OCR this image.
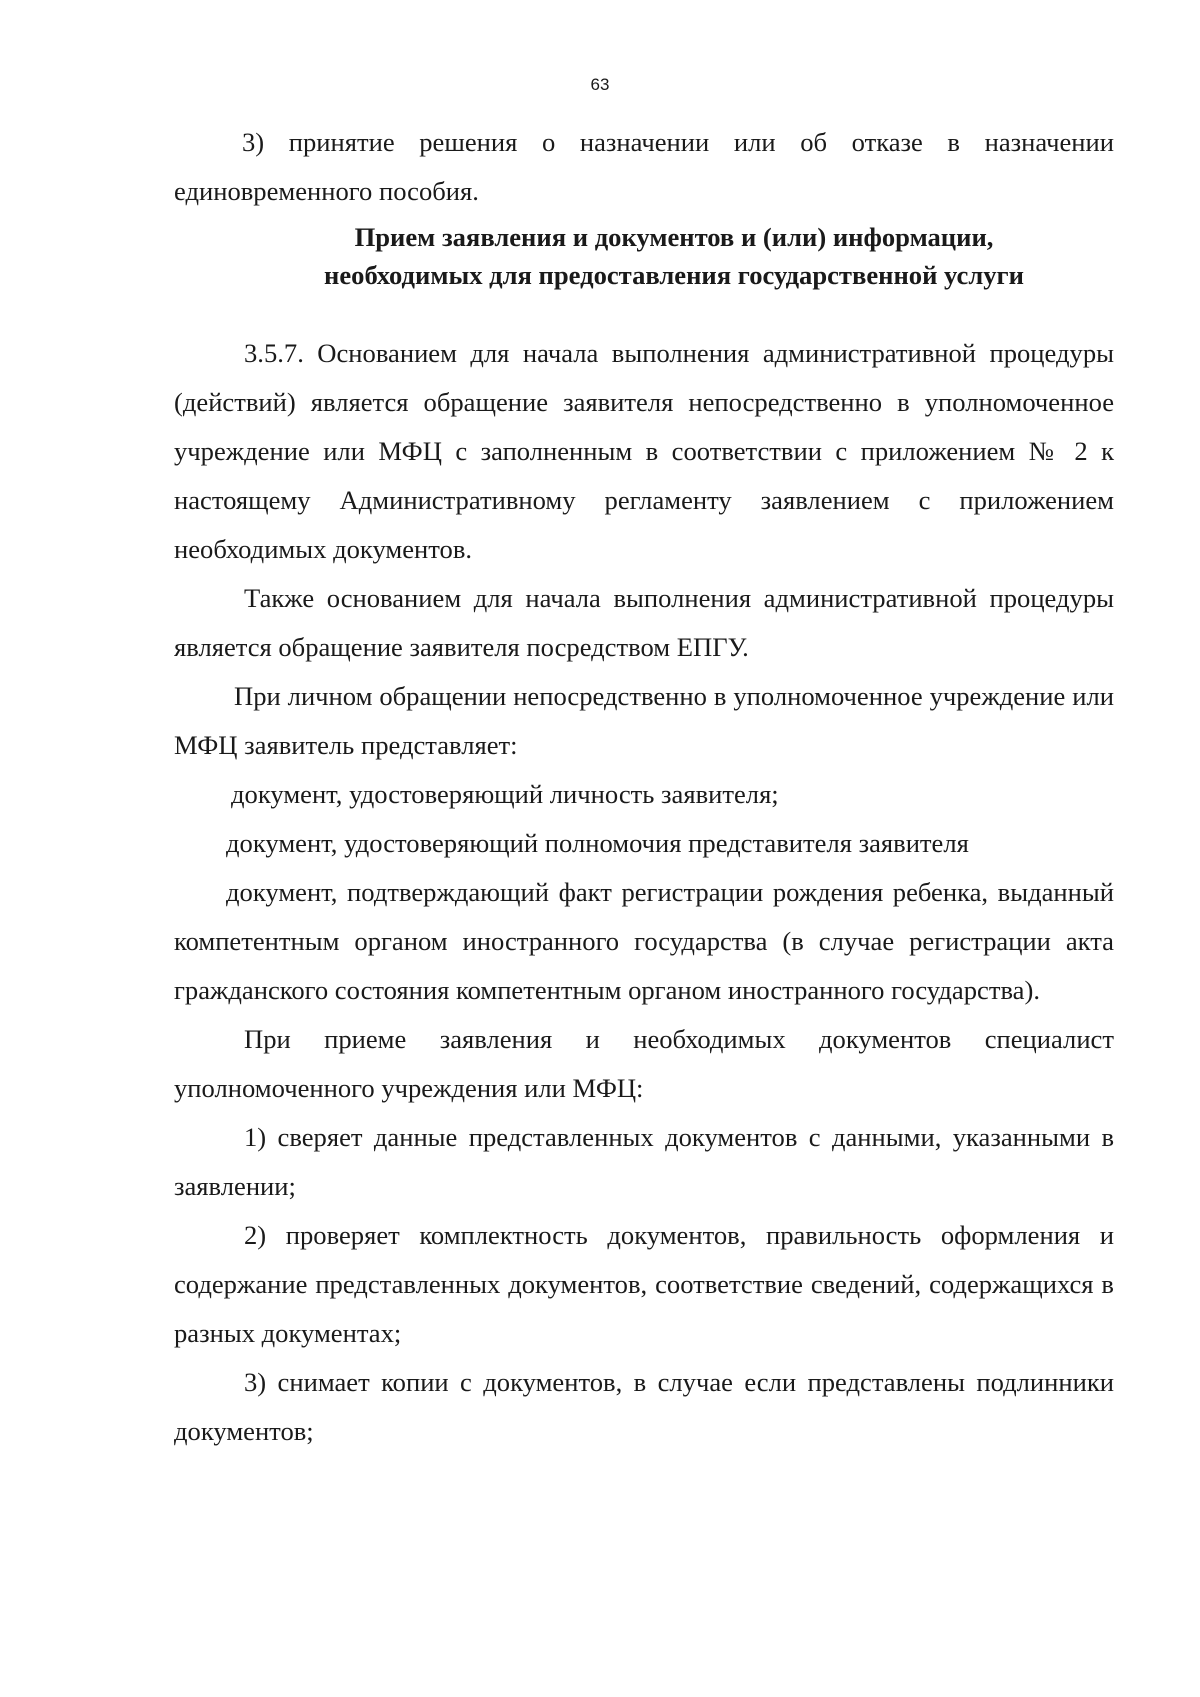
63

3) принятие решения о назначении или об отказе в назначении единовременного пособия.

Прием заявления и документов и (или) информации,

необходимых для предоставления государственной услуги

3.5.7. Основанием для начала выполнения административной процедуры (действий) является обращение заявителя непосредственно в уполномоченное учреждение или МФЦ с заполненным в соответствии с приложением № 2 к настоящему Административному регламенту заявлением с приложением необходимых документов.

Также основанием для начала выполнения административной процедуры является обращение заявителя посредством ЕПГУ.

При личном обращении непосредственно в уполномоченное учреждение или МФЦ заявитель представляет:

документ, удостоверяющий личность заявителя;

документ, удостоверяющий полномочия представителя заявителя

документ, подтверждающий факт регистрации рождения ребенка, выданный компетентным органом иностранного государства (в случае регистрации акта гражданского состояния компетентным органом иностранного государства).

При приеме заявления и необходимых документов специалист уполномоченного учреждения или МФЦ:

1) сверяет данные представленных документов с данными, указанными в заявлении;

2) проверяет комплектность документов, правильность оформления и содержание представленных документов, соответствие сведений, содержащихся в разных документах;

3) снимает копии с документов, в случае если представлены подлинники документов;
